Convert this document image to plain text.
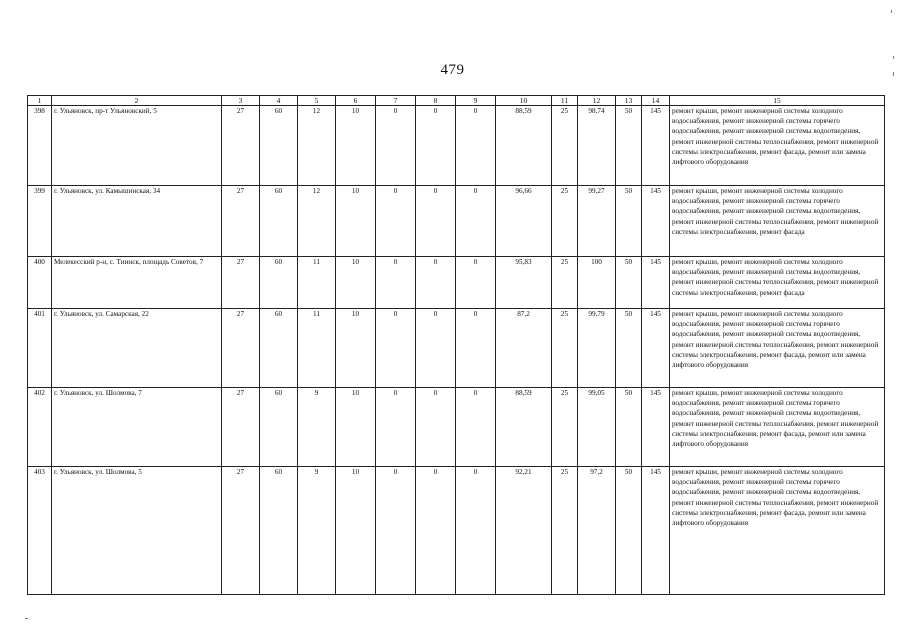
479
1	2	3	4	5	6	7	8	9	10	11	12	13	14	15
398	г. Ульяновск, пр-т Ульяновский, 5	27	60	12	10	0	0	0	88,59	25	98,74	50	145	ремонт крыши, ремонт инженерной системы холодного водоснабжения, ремонт инженерной системы горячего водоснабжения, ремонт инженерной системы водоотведения, ремонт инженерной системы теплоснабжения, ремонт инженерной системы электроснабжения, ремонт фасада, ремонт или замена лифтового оборудования
399	г. Ульяновск, ул. Камышинская, 34	27	60	12	10	0	0	0	96,66	25	99,27	50	145	ремонт крыши, ремонт инженерной системы холодного водоснабжения, ремонт инженерной системы горячего водоснабжения, ремонт инженерной системы водоотведения, ремонт инженерной системы теплоснабжения, ремонт инженерной системы электроснабжения, ремонт фасада
400	Мелекесский р-н, с. Тиинск, площадь Советов, 7	27	60	11	10	0	0	0	95,83	25	100	50	145	ремонт крыши, ремонт инженерной системы холодного водоснабжения, ремонт инженерной системы водоотведения, ремонт инженерной системы теплоснабжения, ремонт инженерной системы электроснабжения, ремонт фасада
401	г. Ульяновск, ул. Самарская, 22	27	60	11	10	0	0	0	87,2	25	99,79	50	145	ремонт крыши, ремонт инженерной системы холодного водоснабжения, ремонт инженерной системы горячего водоснабжения, ремонт инженерной системы водоотведения, ремонт инженерной системы теплоснабжения, ремонт инженерной системы электроснабжения, ремонт фасада, ремонт или замена лифтового оборудования
402	г. Ульяновск, ул. Шолмова, 7	27	60	9	10	0	0	0	88,59	25	99,05	50	145	ремонт крыши, ремонт инженерной системы холодного водоснабжения, ремонт инженерной системы горячего водоснабжения, ремонт инженерной системы водоотведения, ремонт инженерной системы теплоснабжения, ремонт инженерной системы электроснабжения, ремонт фасада, ремонт или замена лифтового оборудования
403	г. Ульяновск, ул. Шолмова, 5	27	60	9	10	0	0	0	92,21	25	97,2	50	145	ремонт крыши, ремонт инженерной системы холодного водоснабжения, ремонт инженерной системы горячего водоснабжения, ремонт инженерной системы водоотведения, ремонт инженерной системы теплоснабжения, ремонт инженерной системы электроснабжения, ремонт фасада, ремонт или замена лифтового оборудования
